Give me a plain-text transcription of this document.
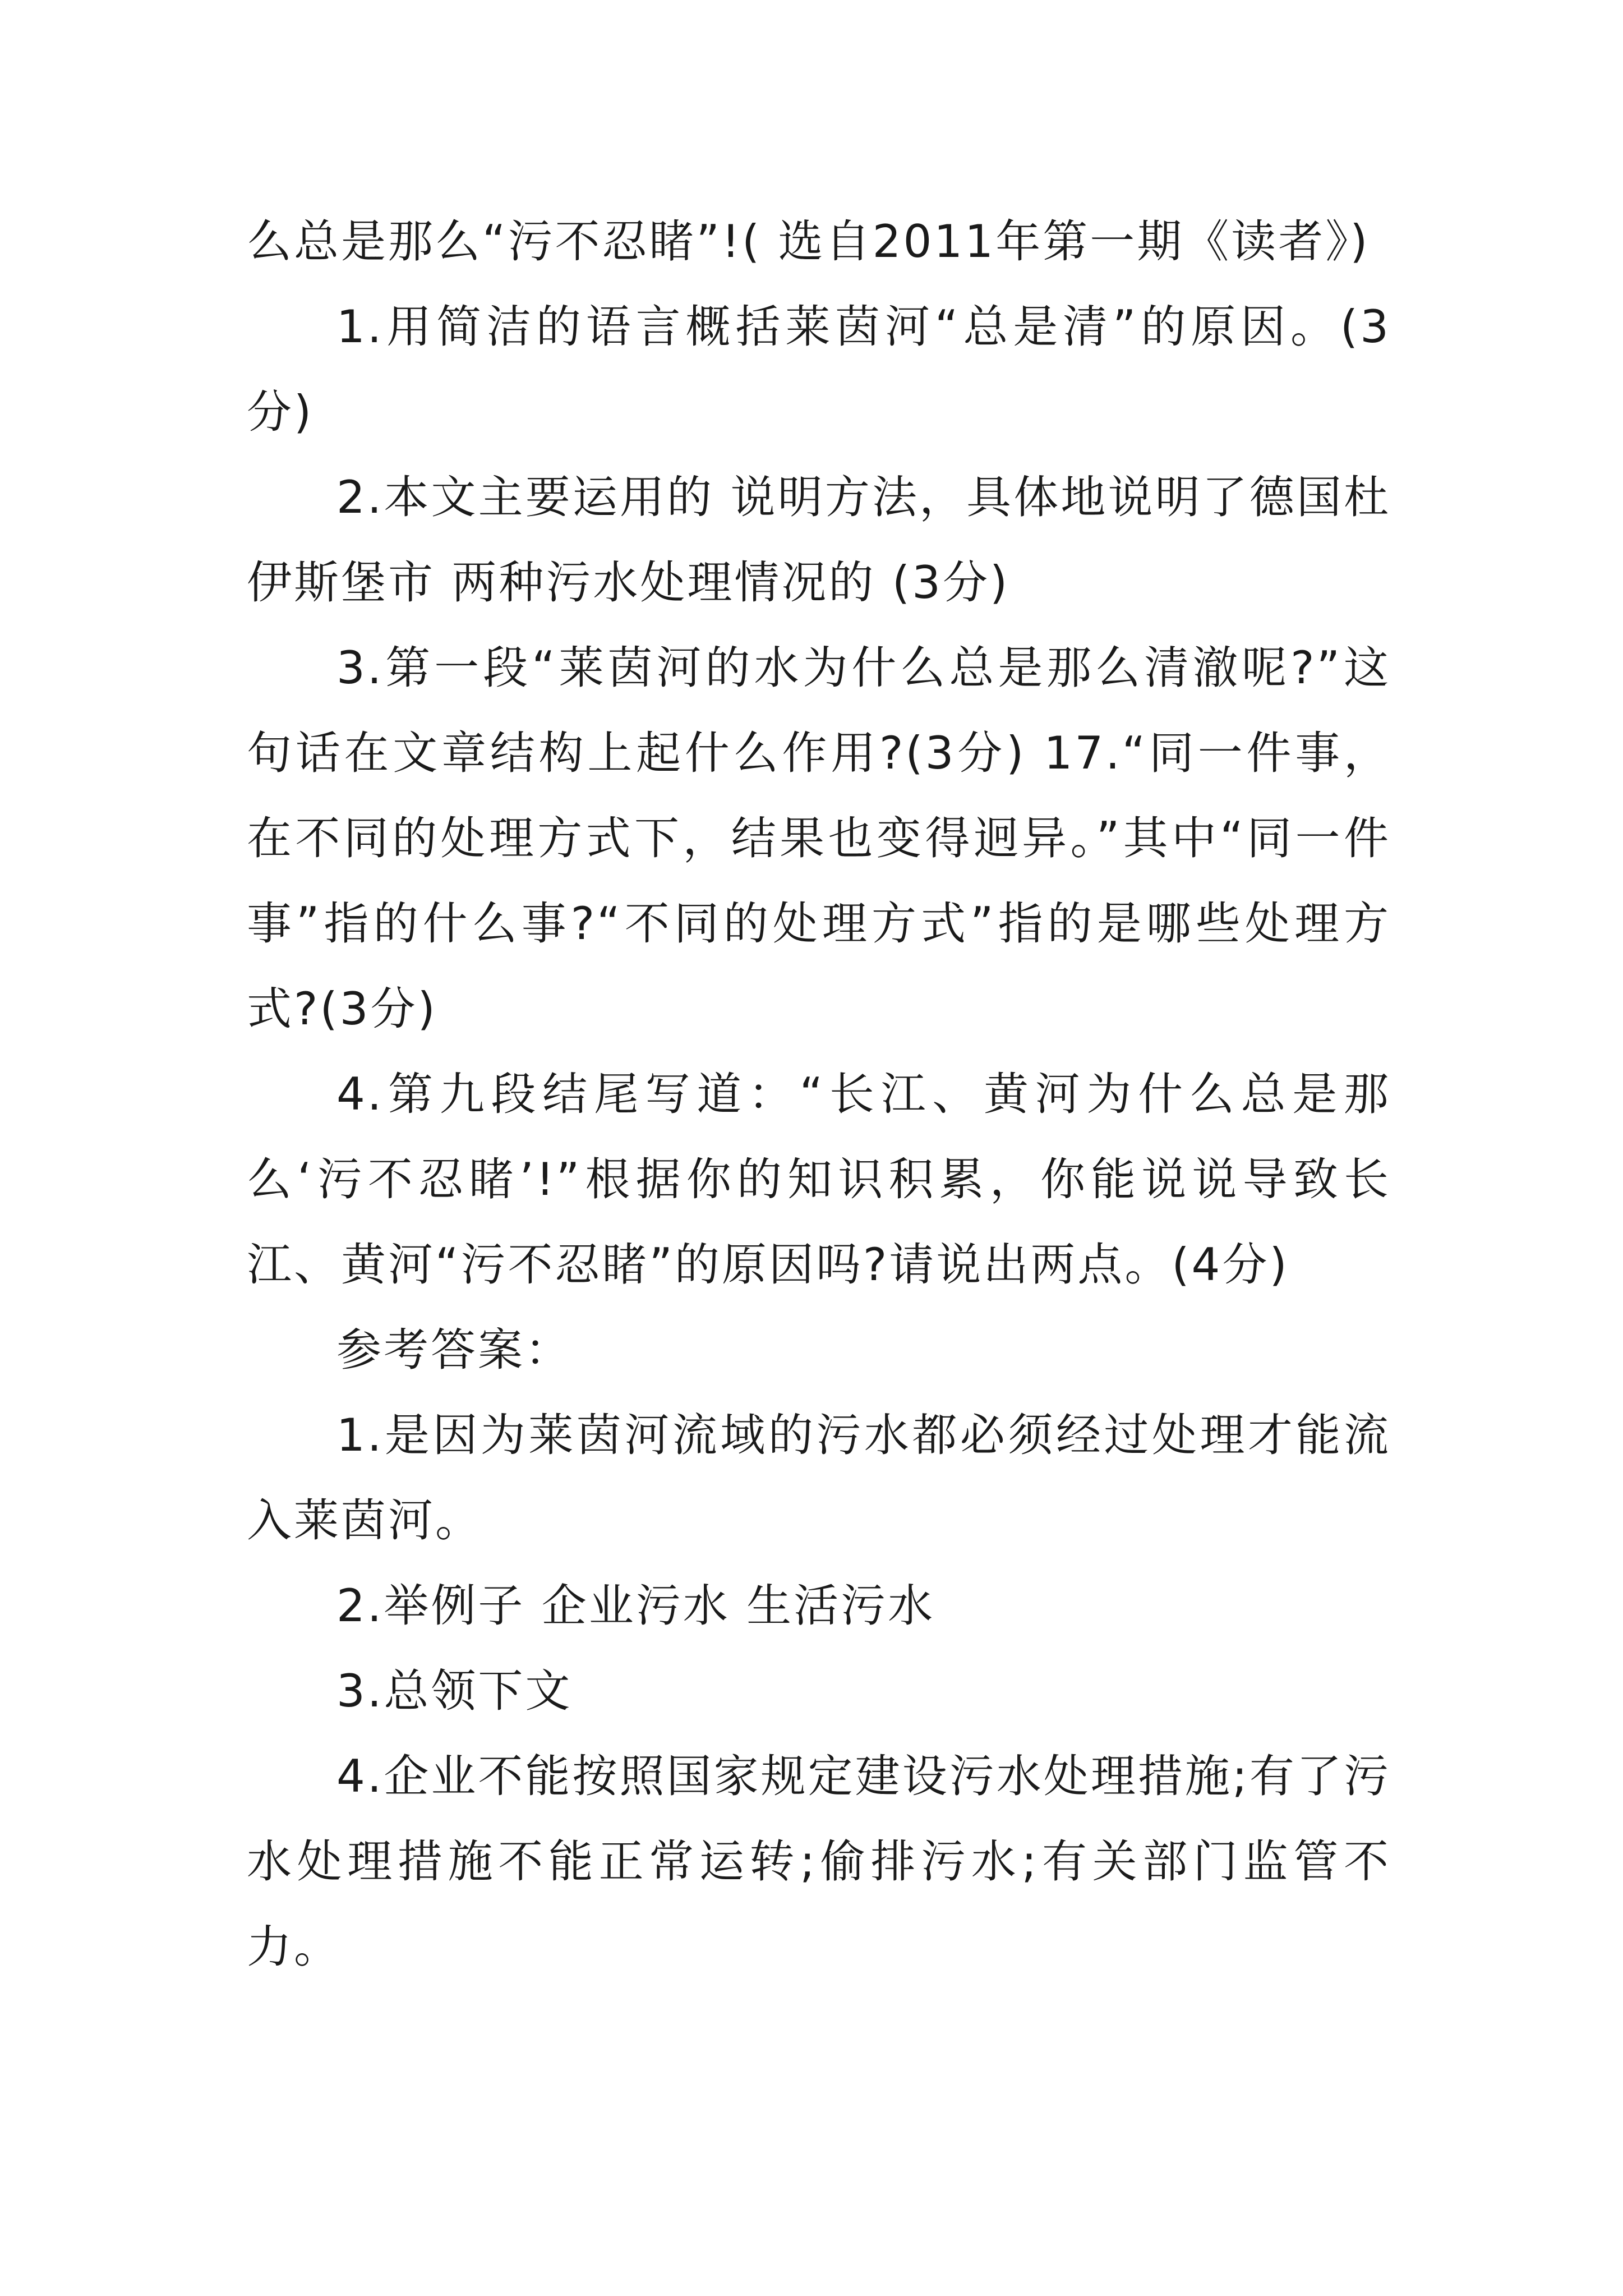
么总是那么“污不忍睹”!( 选自2011年第一期《读者》)

1.用简洁的语言概括莱茵河“总是清”的原因。(3分)

2.本文主要运用的 说明方法，具体地说明了德国杜伊斯堡市 两种污水处理情况的 (3分)

3.第一段“莱茵河的水为什么总是那么清澈呢?”这句话在文章结构上起什么作用?(3分) 17.“同一件事，在不同的处理方式下，结果也变得迥异。”其中“同一件事”指的什么事?“不同的处理方式”指的是哪些处理方式?(3分)

4.第九段结尾写道：“长江、黄河为什么总是那么‘污不忍睹’!”根据你的知识积累，你能说说导致长江、黄河“污不忍睹”的原因吗?请说出两点。(4分)

参考答案：

1.是因为莱茵河流域的污水都必须经过处理才能流入莱茵河。

2.举例子 企业污水 生活污水

3.总领下文

4.企业不能按照国家规定建设污水处理措施;有了污水处理措施不能正常运转;偷排污水;有关部门监管不力。
